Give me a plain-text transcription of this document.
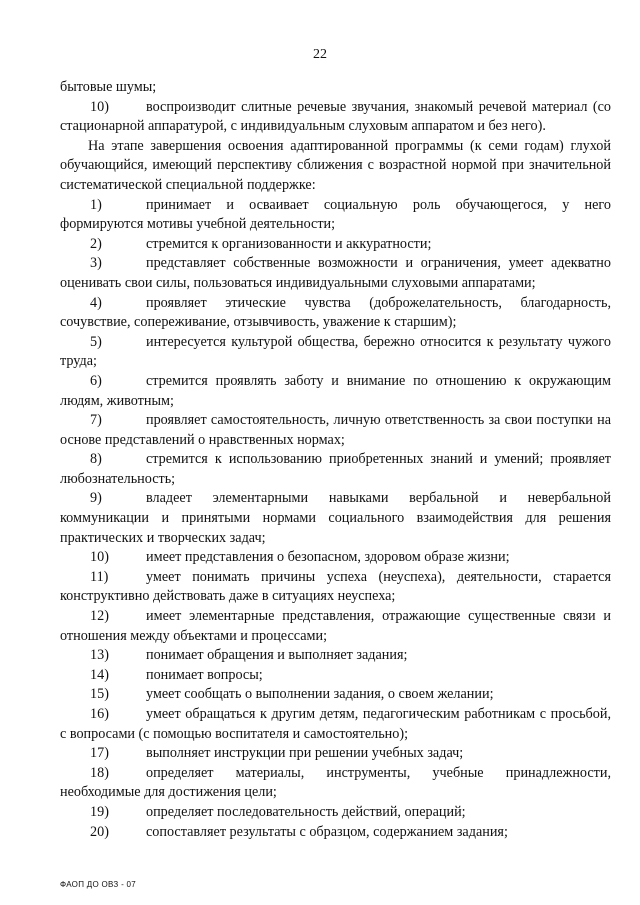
22

бытовые шумы;

10)	воспроизводит слитные речевые звучания, знакомый речевой материал (со стационарной аппаратурой, с индивидуальным слуховым аппаратом и без него).

На этапе завершения освоения адаптированной программы (к семи годам) глухой обучающийся, имеющий перспективу сближения с возрастной нормой при значительной систематической специальной поддержке:

1)	принимает и осваивает социальную роль обучающегося, у него формируются мотивы учебной деятельности;

2)	стремится к организованности и аккуратности;

3)	представляет собственные возможности и ограничения, умеет адекватно оценивать свои силы, пользоваться индивидуальными слуховыми аппаратами;

4)	проявляет этические чувства (доброжелательность, благодарность, сочувствие, сопереживание, отзывчивость, уважение к старшим);

5)	интересуется культурой общества, бережно относится к результату чужого труда;

6)	стремится проявлять заботу и внимание по отношению к окружающим людям, животным;

7)	проявляет самостоятельность, личную ответственность за свои поступки на основе представлений о нравственных нормах;

8)	стремится к использованию приобретенных знаний и умений; проявляет любознательность;

9)	владеет элементарными навыками вербальной и невербальной коммуникации и принятыми нормами социального взаимодействия для решения практических и творческих задач;

10)	имеет представления о безопасном, здоровом образе жизни;

11)	умеет понимать причины успеха (неуспеха), деятельности, старается конструктивно действовать даже в ситуациях неуспеха;

12)	имеет элементарные представления, отражающие существенные связи и отношения между объектами и процессами;

13)	понимает обращения и выполняет задания;

14)	понимает вопросы;

15)	умеет сообщать о выполнении задания, о своем желании;

16)	умеет обращаться к другим детям, педагогическим работникам с просьбой, с вопросами (с помощью воспитателя и самостоятельно);

17)	выполняет инструкции при решении учебных задач;

18)	определяет материалы, инструменты, учебные принадлежности, необходимые для достижения цели;

19)	определяет последовательность действий, операций;

20)	сопоставляет результаты с образцом, содержанием задания;

ФАОП ДО ОВЗ - 07
